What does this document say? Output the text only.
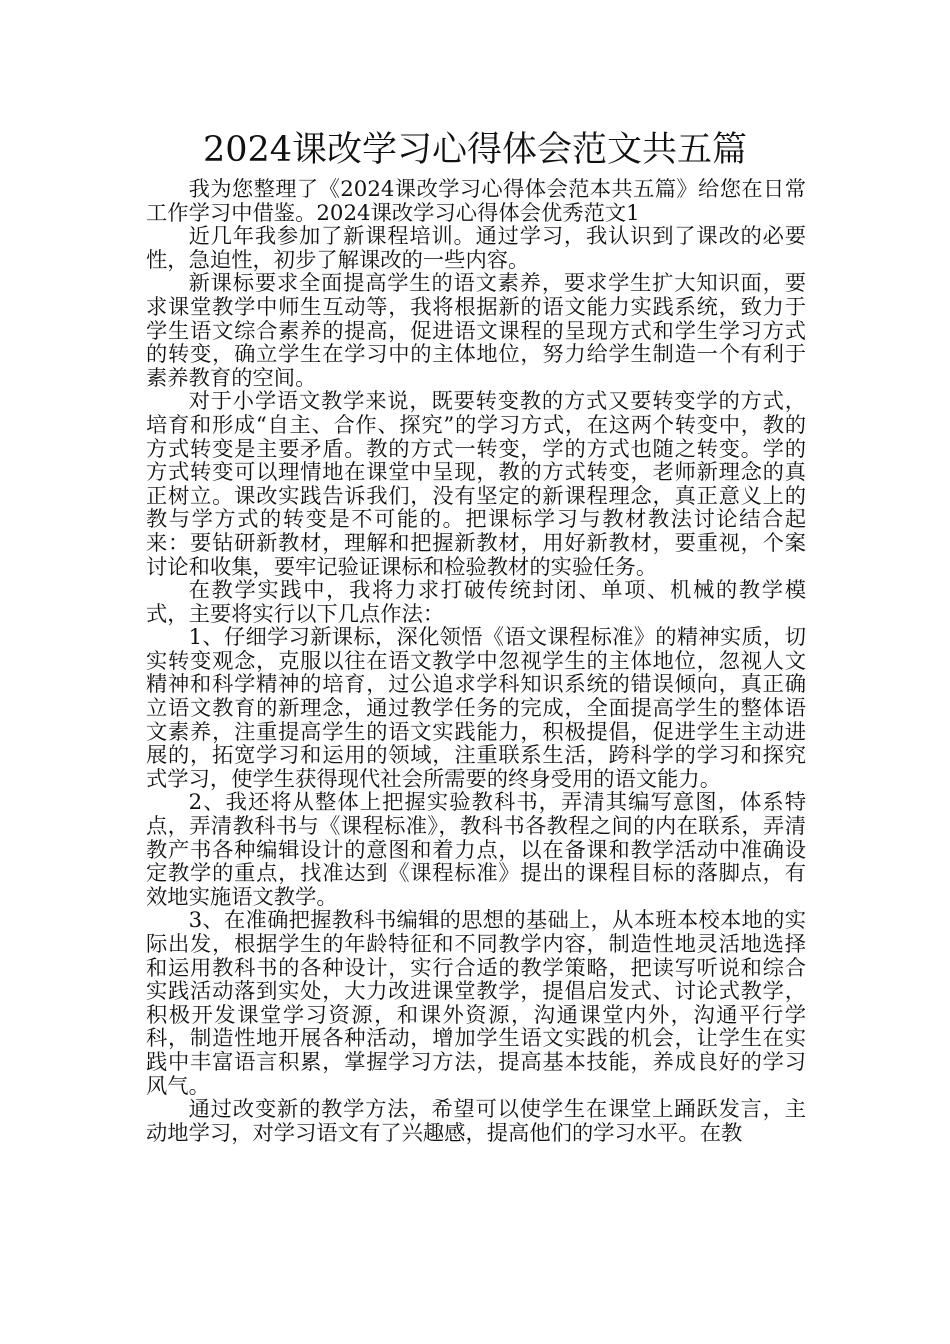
2024课改学习心得体会范文共五篇

我为您整理了《2024课改学习心得体会范本共五篇》给您在日常工作学习中借鉴。2024课改学习心得体会优秀范文1

近几年我参加了新课程培训。通过学习，我认识到了课改的必要性，急迫性，初步了解课改的一些内容。

新课标要求全面提高学生的语文素养，要求学生扩大知识面，要求课堂教学中师生互动等，我将根据新的语文能力实践系统，致力于学生语文综合素养的提高，促进语文课程的呈现方式和学生学习方式的转变，确立学生在学习中的主体地位，努力给学生制造一个有利于素养教育的空间。

对于小学语文教学来说，既要转变教的方式又要转变学的方式，培育和形成“自主、合作、探究”的学习方式，在这两个转变中，教的方式转变是主要矛盾。教的方式一转变，学的方式也随之转变。学的方式转变可以理情地在课堂中呈现，教的方式转变，老师新理念的真正树立。课改实践告诉我们，没有坚定的新课程理念，真正意义上的教与学方式的转变是不可能的。把课标学习与教材教法讨论结合起来：要钻研新教材，理解和把握新教材，用好新教材，要重视，个案讨论和收集，要牢记验证课标和检验教材的实验任务。

在教学实践中，我将力求打破传统封闭、单项、机械的教学模式，主要将实行以下几点作法：

1、仔细学习新课标，深化领悟《语文课程标准》的精神实质，切实转变观念，克服以往在语文教学中忽视学生的主体地位，忽视人文精神和科学精神的培育，过公追求学科知识系统的错误倾向，真正确立语文教育的新理念，通过教学任务的完成，全面提高学生的整体语文素养，注重提高学生的语文实践能力，积极提倡，促进学生主动进展的，拓宽学习和运用的领域，注重联系生活，跨科学的学习和探究式学习，使学生获得现代社会所需要的终身受用的语文能力。

2、我还将从整体上把握实验教科书，弄清其编写意图，体系特点，弄清教科书与《课程标准》，教科书各教程之间的内在联系，弄清教产书各种编辑设计的意图和着力点，以在备课和教学活动中准确设定教学的重点，找准达到《课程标准》提出的课程目标的落脚点，有效地实施语文教学。

3、在准确把握教科书编辑的思想的基础上，从本班本校本地的实际出发，根据学生的年龄特征和不同教学内容，制造性地灵活地选择和运用教科书的各种设计，实行合适的教学策略，把读写听说和综合实践活动落到实处，大力改进课堂教学，提倡启发式、讨论式教学，积极开发课堂学习资源，和课外资源，沟通课堂内外，沟通平行学科，制造性地开展各种活动，增加学生语文实践的机会，让学生在实践中丰富语言积累，掌握学习方法，提高基本技能，养成良好的学习风气。

通过改变新的教学方法，希望可以使学生在课堂上踊跃发言，主动地学习，对学习语文有了兴趣感，提高他们的学习水平。在教
